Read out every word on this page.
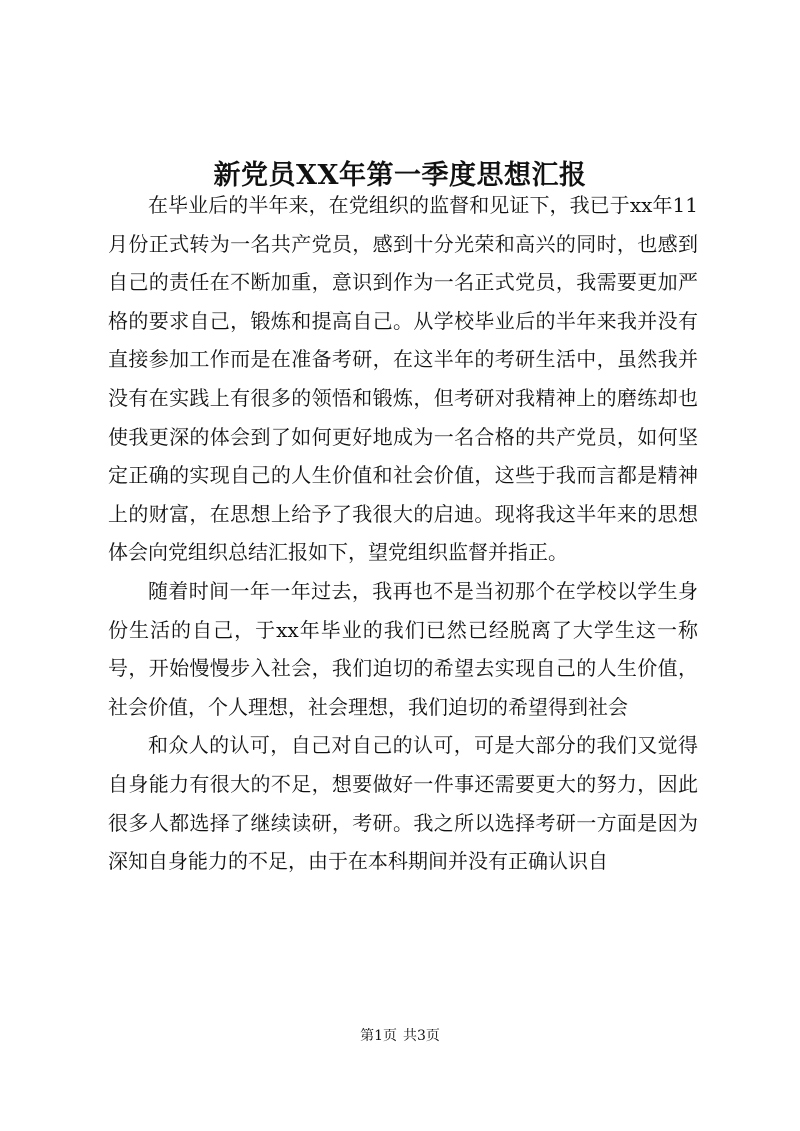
新党员XX年第一季度思想汇报

在毕业后的半年来，在党组织的监督和见证下，我已于xx年11月份正式转为一名共产党员，感到十分光荣和高兴的同时，也感到自己的责任在不断加重，意识到作为一名正式党员，我需要更加严格的要求自己，锻炼和提高自己。从学校毕业后的半年来我并没有直接参加工作而是在准备考研，在这半年的考研生活中，虽然我并没有在实践上有很多的领悟和锻炼，但考研对我精神上的磨练却也使我更深的体会到了如何更好地成为一名合格的共产党员，如何坚定正确的实现自己的人生价值和社会价值，这些于我而言都是精神上的财富，在思想上给予了我很大的启迪。现将我这半年来的思想体会向党组织总结汇报如下，望党组织监督并指正。

随着时间一年一年过去，我再也不是当初那个在学校以学生身份生活的自己，于xx年毕业的我们已然已经脱离了大学生这一称号，开始慢慢步入社会，我们迫切的希望去实现自己的人生价值，社会价值，个人理想，社会理想，我们迫切的希望得到社会

和众人的认可，自己对自己的认可，可是大部分的我们又觉得自身能力有很大的不足，想要做好一件事还需要更大的努力，因此很多人都选择了继续读研，考研。我之所以选择考研一方面是因为深知自身能力的不足，由于在本科期间并没有正确认识自

第1页 共3页
